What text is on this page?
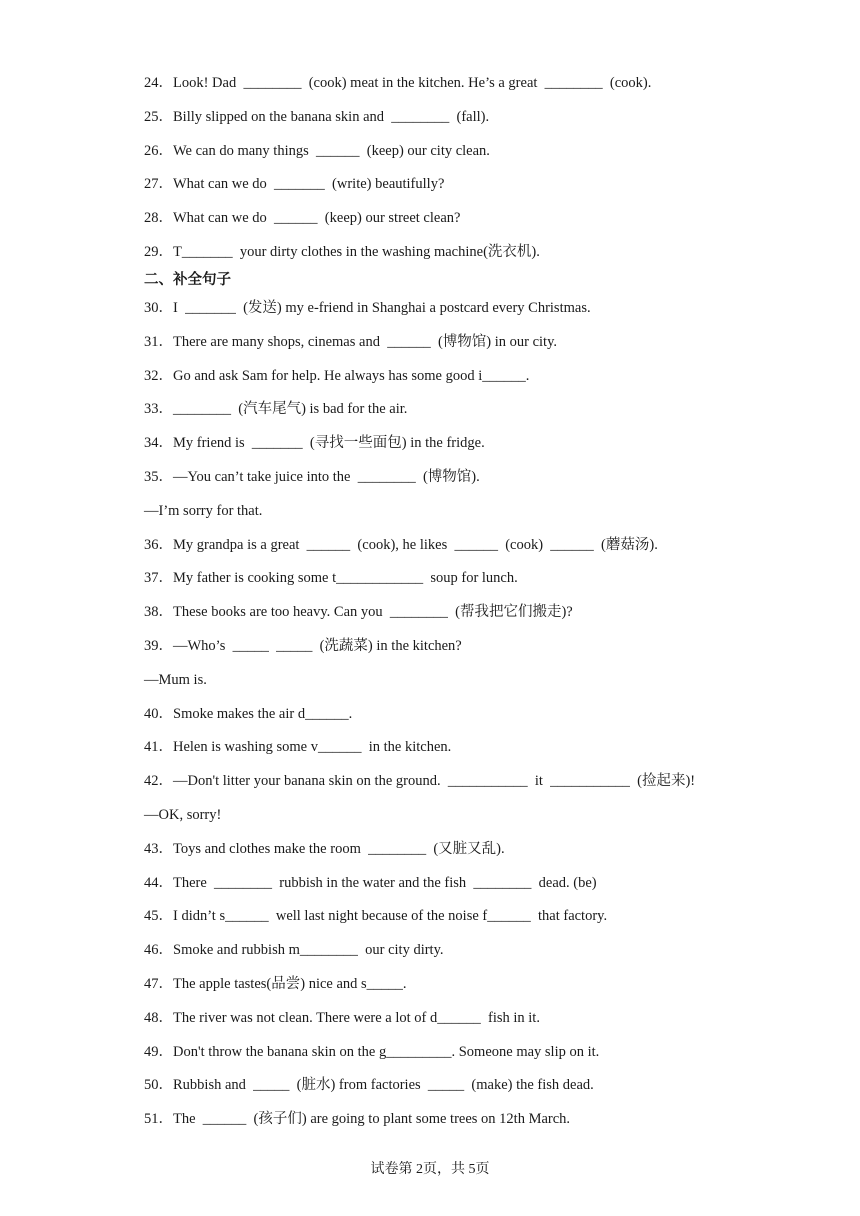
24．Look! Dad  ________  (cook) meat in the kitchen. He’s a great  ________  (cook).
25．Billy slipped on the banana skin and  ________  (fall).
26．We can do many things  ______  (keep) our city clean.
27．What can we do  _______  (write) beautifully?
28．What can we do  ______  (keep) our street clean?
29．T_______  your dirty clothes in the washing machine(洗衣机).
二、补全句子
30．I  _______  (发送) my e-friend in Shanghai a postcard every Christmas.
31．There are many shops, cinemas and  ______  (博物馆) in our city.
32．Go and ask Sam for help. He always has some good i______.
33．________  (汽车尾气) is bad for the air.
34．My friend is  _______  (寻找一些面包) in the fridge.
35．—You can’t take juice into the  ________  (博物馆).
—I’m sorry for that.
36．My grandpa is a great  ______  (cook), he likes  ______  (cook)  ______  (蘑菇汤).
37．My father is cooking some t____________  soup for lunch.
38．These books are too heavy. Can you  ________  (帮我把它们搬走)?
39．—Who’s  _____  _____  (洗蔬菜) in the kitchen?
—Mum is.
40．Smoke makes the air d______.
41．Helen is washing some v______  in the kitchen.
42．—Don't litter your banana skin on the ground.  ___________  it  ___________  (捡起来)!
—OK, sorry!
43．Toys and clothes make the room  ________  (又脏又乱).
44．There  ________  rubbish in the water and the fish  ________  dead. (be)
45．I didn’t s______  well last night because of the noise f______  that factory.
46．Smoke and rubbish m________  our city dirty.
47．The apple tastes(品尝) nice and s_____.
48．The river was not clean. There were a lot of d______  fish in it.
49．Don't throw the banana skin on the g_________. Someone may slip on it.
50．Rubbish and  _____  (脏水) from factories  _____  (make) the fish dead.
51．The  ______  (孩子们) are going to plant some trees on 12th March.
试卷第 2页，共 5页
